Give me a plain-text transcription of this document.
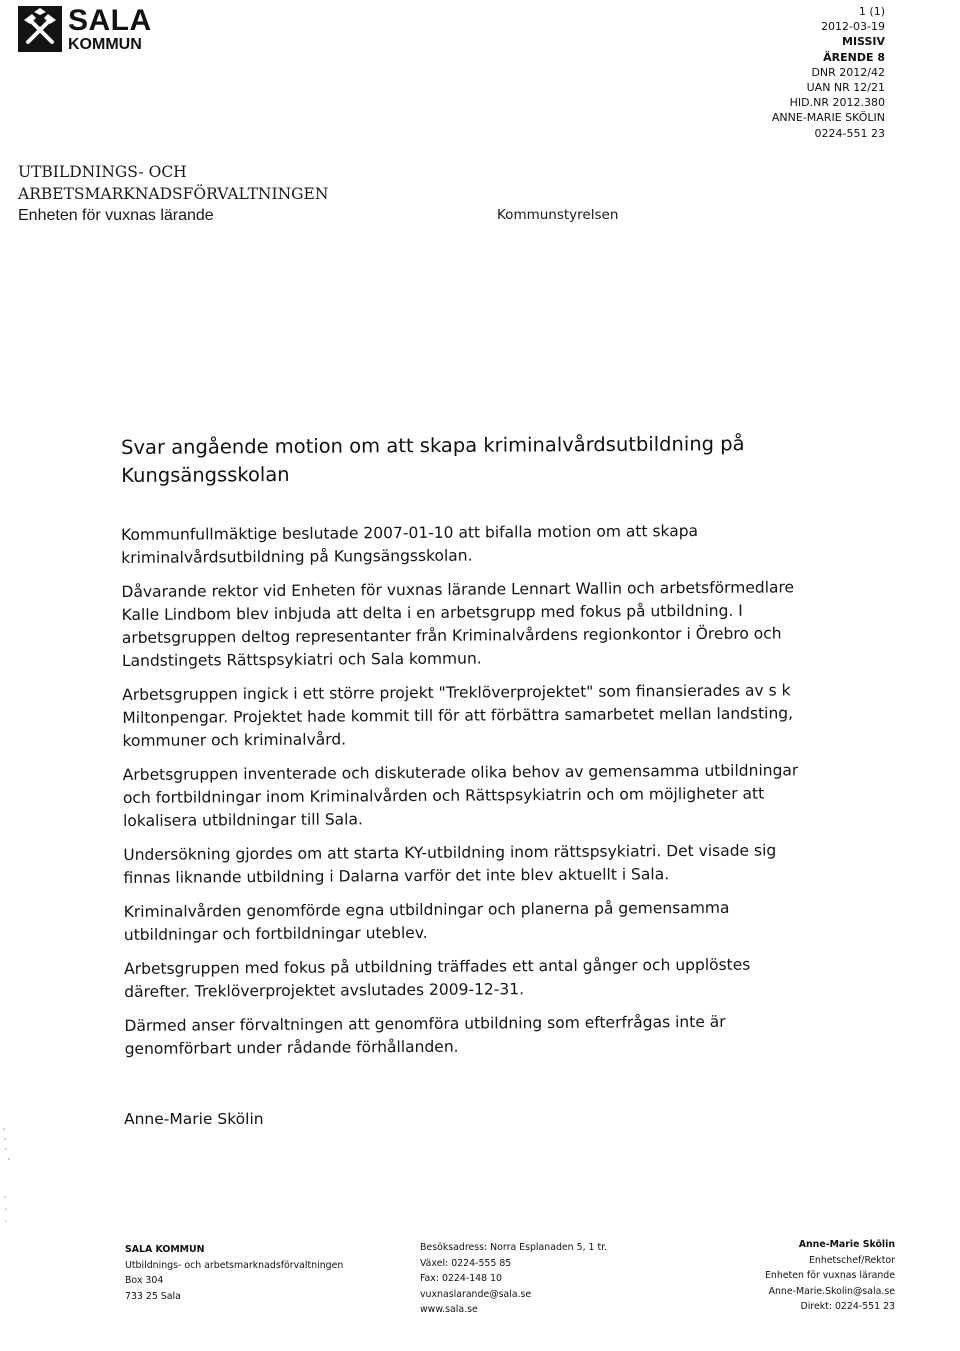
SALA
KOMMUN
1 (1)
2012-03-19
MISSIV
ÄRENDE 8
DNR 2012/42
UAN NR 12/21
HID.NR 2012.380
ANNE-MARIE SKÖLIN
0224-551 23
UTBILDNINGS- OCH
ARBETSMARKNADSFÖRVALTNINGEN
Enheten för vuxnas lärande	Kommunstyrelsen
Svar angående motion om att skapa kriminalvårdsutbildning på Kungsängsskolan

Kommunfullmäktige beslutade 2007-01-10 att bifalla motion om att skapa kriminalvårdsutbildning på Kungsängsskolan.

Dåvarande rektor vid Enheten för vuxnas lärande Lennart Wallin och arbetsförmedlare Kalle Lindbom blev inbjuda att delta i en arbetsgrupp med fokus på utbildning. I arbetsgruppen deltog representanter från Kriminalvårdens regionkontor i Örebro och Landstingets Rättspsykiatri och Sala kommun.

Arbetsgruppen ingick i ett större projekt "Treklöverprojektet" som finansierades av s k Miltonpengar. Projektet hade kommit till för att förbättra samarbetet mellan landsting, kommuner och kriminalvård.

Arbetsgruppen inventerade och diskuterade olika behov av gemensamma utbildningar och fortbildningar inom Kriminalvården och Rättspsykiatrin och om möjligheter att lokalisera utbildningar till Sala.

Undersökning gjordes om att starta KY-utbildning inom rättspsykiatri. Det visade sig finnas liknande utbildning i Dalarna varför det inte blev aktuellt i Sala.

Kriminalvården genomförde egna utbildningar och planerna på gemensamma utbildningar och fortbildningar uteblev.

Arbetsgruppen med fokus på utbildning träffades ett antal gånger och upplöstes därefter. Treklöverprojektet avslutades 2009-12-31.

Därmed anser förvaltningen att genomföra utbildning som efterfrågas inte är genomförbart under rådande förhållanden.

Anne-Marie Skölin
SALA KOMMUN
Utbildnings- och arbetsmarknadsförvaltningen
Box 304
733 25 Sala
Besöksadress: Norra Esplanaden 5, 1 tr.
Växel: 0224-555 85
Fax: 0224-148 10
vuxnaslarande@sala.se
www.sala.se
Anne-Marie Skölin
Enhetschef/Rektor
Enheten för vuxnas lärande
Anne-Marie.Skolin@sala.se
Direkt: 0224-551 23
